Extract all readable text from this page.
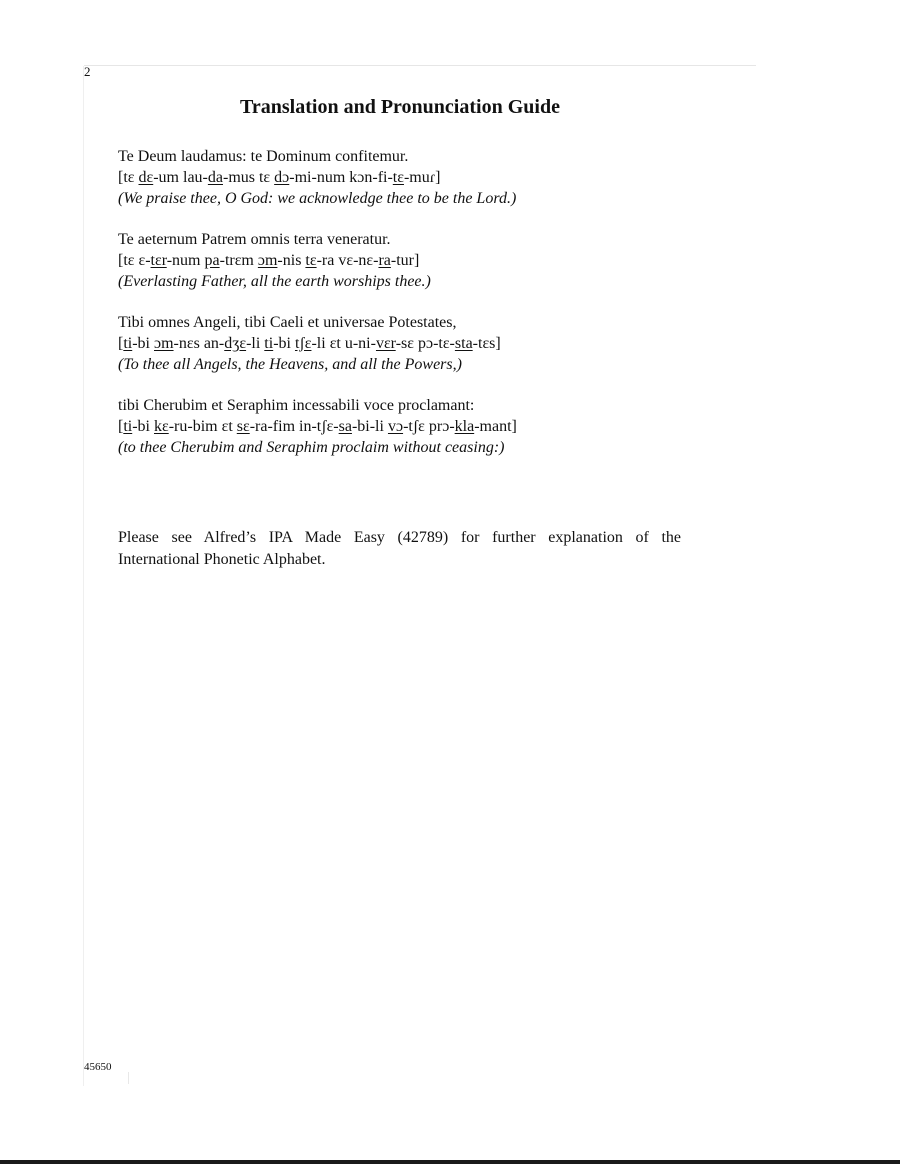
2
Translation and Pronunciation Guide
Te Deum laudamus: te Dominum confitemur.
[tɛ dɛ-um lau-da-mus tɛ dɔ-mi-num kɔn-fi-tɛ-muɾ]
(We praise thee, O God: we acknowledge thee to be the Lord.)
Te aeternum Patrem omnis terra veneratur.
[tɛ ɛ-tɛr-num pa-trɛm ɔm-nis tɛ-ra vɛ-nɛ-ra-tur]
(Everlasting Father, all the earth worships thee.)
Tibi omnes Angeli, tibi Caeli et universae Potestates,
[ti-bi ɔm-nɛs an-dʒɛ-li ti-bi tʃɛ-li ɛt u-ni-vɛr-sɛ pɔ-tɛ-sta-tɛs]
(To thee all Angels, the Heavens, and all the Powers,)
tibi Cherubim et Seraphim incessabili voce proclamant:
[ti-bi kɛ-ru-bim ɛt sɛ-ra-fim in-tʃɛ-sa-bi-li vɔ-tʃɛ prɔ-kla-mant]
(to thee Cherubim and Seraphim proclaim without ceasing:)
Please see Alfred’s IPA Made Easy (42789) for further explanation of the
International Phonetic Alphabet.
45650
